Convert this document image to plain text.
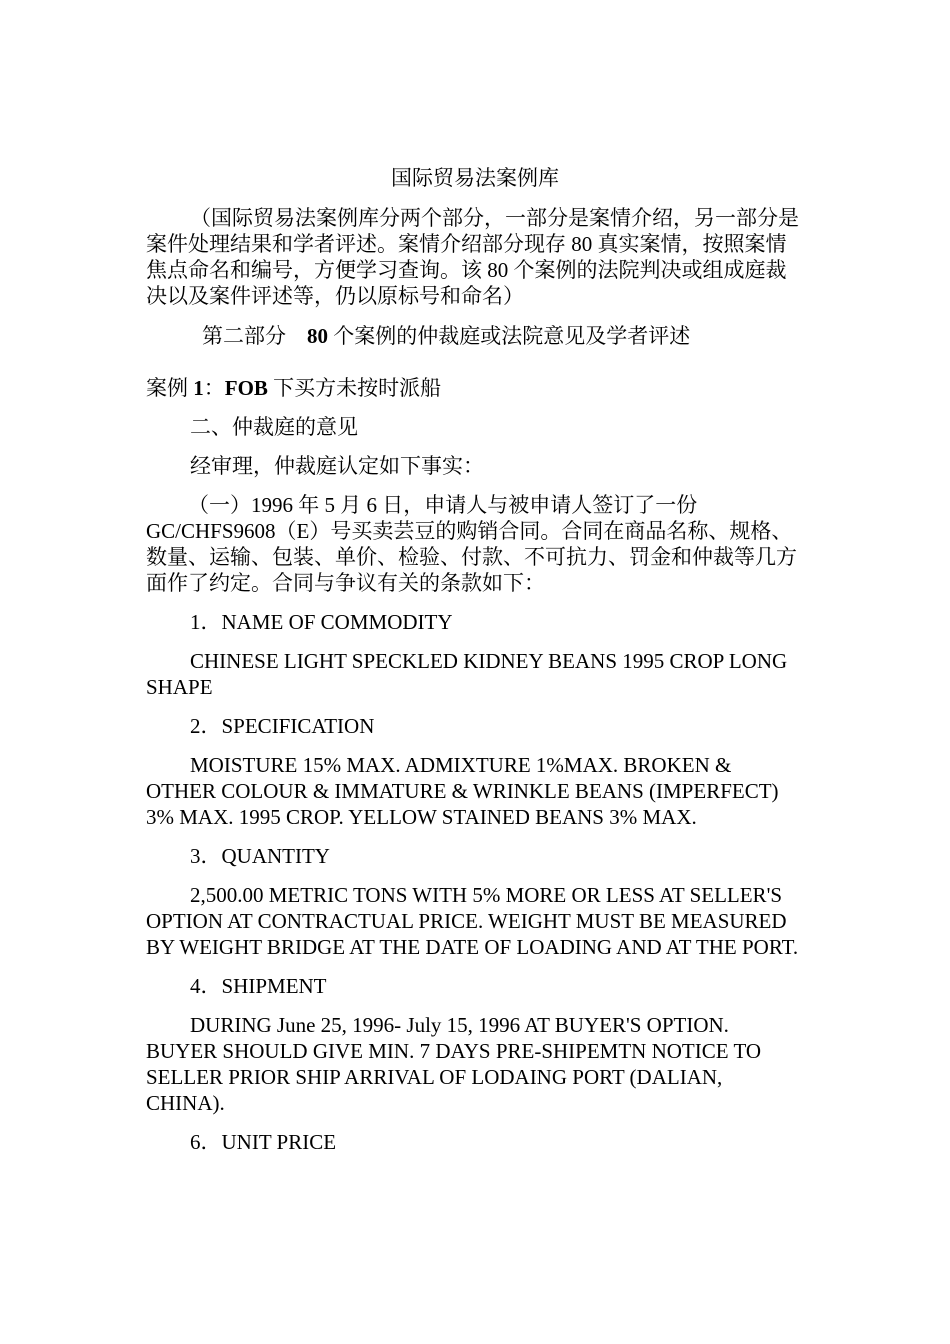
国际贸易法案例库

（国际贸易法案例库分两个部分，一部分是案情介绍，另一部分是案件处理结果和学者评述。案情介绍部分现存 80 真实案情，按照案情焦点命名和编号，方便学习查询。该 80 个案例的法院判决或组成庭裁决以及案件评述等，仍以原标号和命名）

第二部分　80 个案例的仲裁庭或法院意见及学者评述

案例 1：FOB 下买方未按时派船

二、仲裁庭的意见

经审理，仲裁庭认定如下事实：

（一）1996 年 5 月 6 日，申请人与被申请人签订了一份 GC/CHFS9608（E）号买卖芸豆的购销合同。合同在商品名称、规格、数量、运输、包装、单价、检验、付款、不可抗力、罚金和仲裁等几方面作了约定。合同与争议有关的条款如下：

1．NAME OF COMMODITY

CHINESE LIGHT SPECKLED KIDNEY BEANS 1995 CROP LONG SHAPE

2．SPECIFICATION

MOISTURE 15% MAX. ADMIXTURE 1%MAX. BROKEN & OTHER COLOUR & IMMATURE & WRINKLE BEANS (IMPERFECT) 3% MAX. 1995 CROP. YELLOW STAINED BEANS 3% MAX.

3．QUANTITY

2,500.00 METRIC TONS WITH 5% MORE OR LESS AT SELLER'S OPTION AT CONTRACTUAL PRICE. WEIGHT MUST BE MEASURED BY WEIGHT BRIDGE AT THE DATE OF LOADING AND AT THE PORT.

4．SHIPMENT

DURING June 25, 1996- July 15, 1996 AT BUYER'S OPTION. BUYER SHOULD GIVE MIN. 7 DAYS PRE-SHIPEMTN NOTICE TO SELLER PRIOR SHIP ARRIVAL OF LODAING PORT (DALIAN, CHINA).

6．UNIT PRICE
